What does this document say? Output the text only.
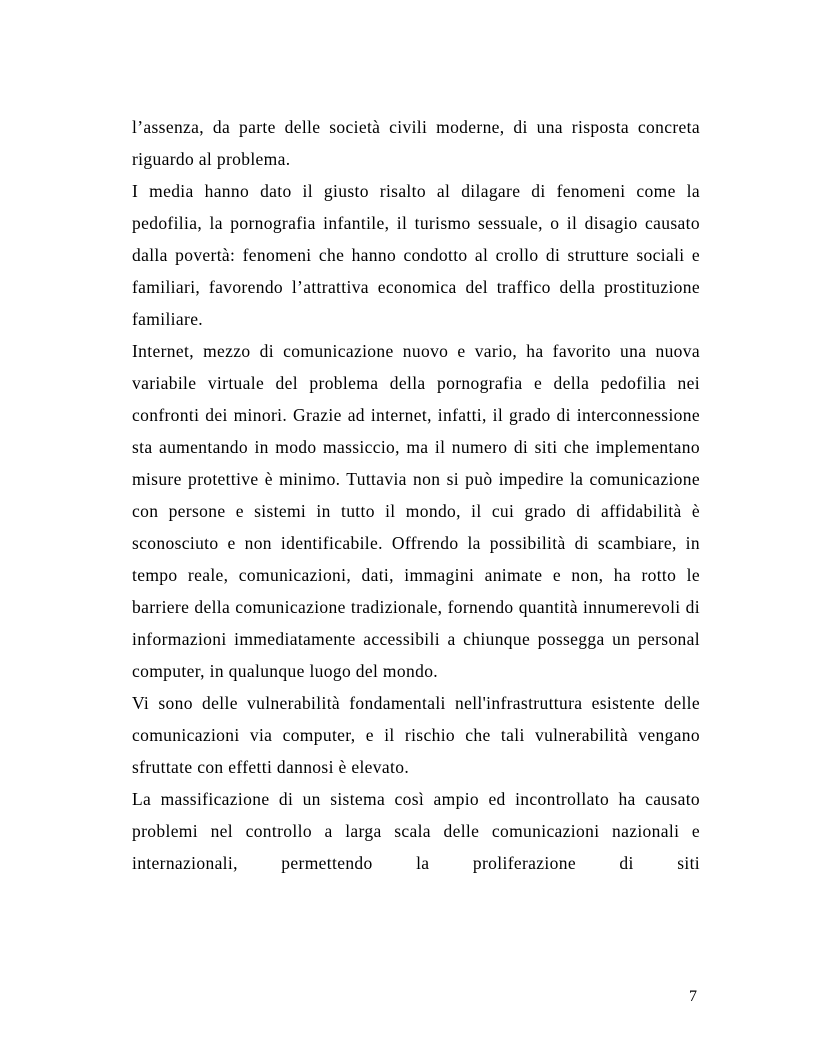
l’assenza, da parte delle società civili moderne, di una risposta concreta riguardo al problema.

I media hanno dato il giusto risalto al dilagare di fenomeni come la pedofilia, la pornografia infantile, il turismo sessuale, o il disagio causato dalla povertà: fenomeni che hanno condotto al crollo di strutture sociali e familiari, favorendo l’attrattiva economica del traffico della prostituzione familiare.

Internet, mezzo di comunicazione nuovo e vario, ha favorito una nuova variabile virtuale del problema della pornografia e della pedofilia nei confronti dei minori. Grazie ad internet, infatti, il grado di interconnessione sta aumentando in modo massiccio, ma il numero di siti che implementano misure protettive è minimo. Tuttavia non si può impedire la comunicazione con persone e sistemi in tutto il mondo, il cui grado di affidabilità è sconosciuto e non identificabile. Offrendo la possibilità di scambiare, in tempo reale, comunicazioni, dati, immagini animate e non, ha rotto le barriere della comunicazione tradizionale, fornendo quantità innumerevoli di informazioni immediatamente accessibili a chiunque possegga un personal computer, in qualunque luogo del mondo.

Vi sono delle vulnerabilità fondamentali nell'infrastruttura esistente delle comunicazioni via computer, e il rischio che tali vulnerabilità vengano sfruttate con effetti dannosi è elevato.

La massificazione di un sistema così ampio ed incontrollato ha causato problemi nel controllo a larga scala delle comunicazioni nazionali e internazionali, permettendo la proliferazione di siti

7
